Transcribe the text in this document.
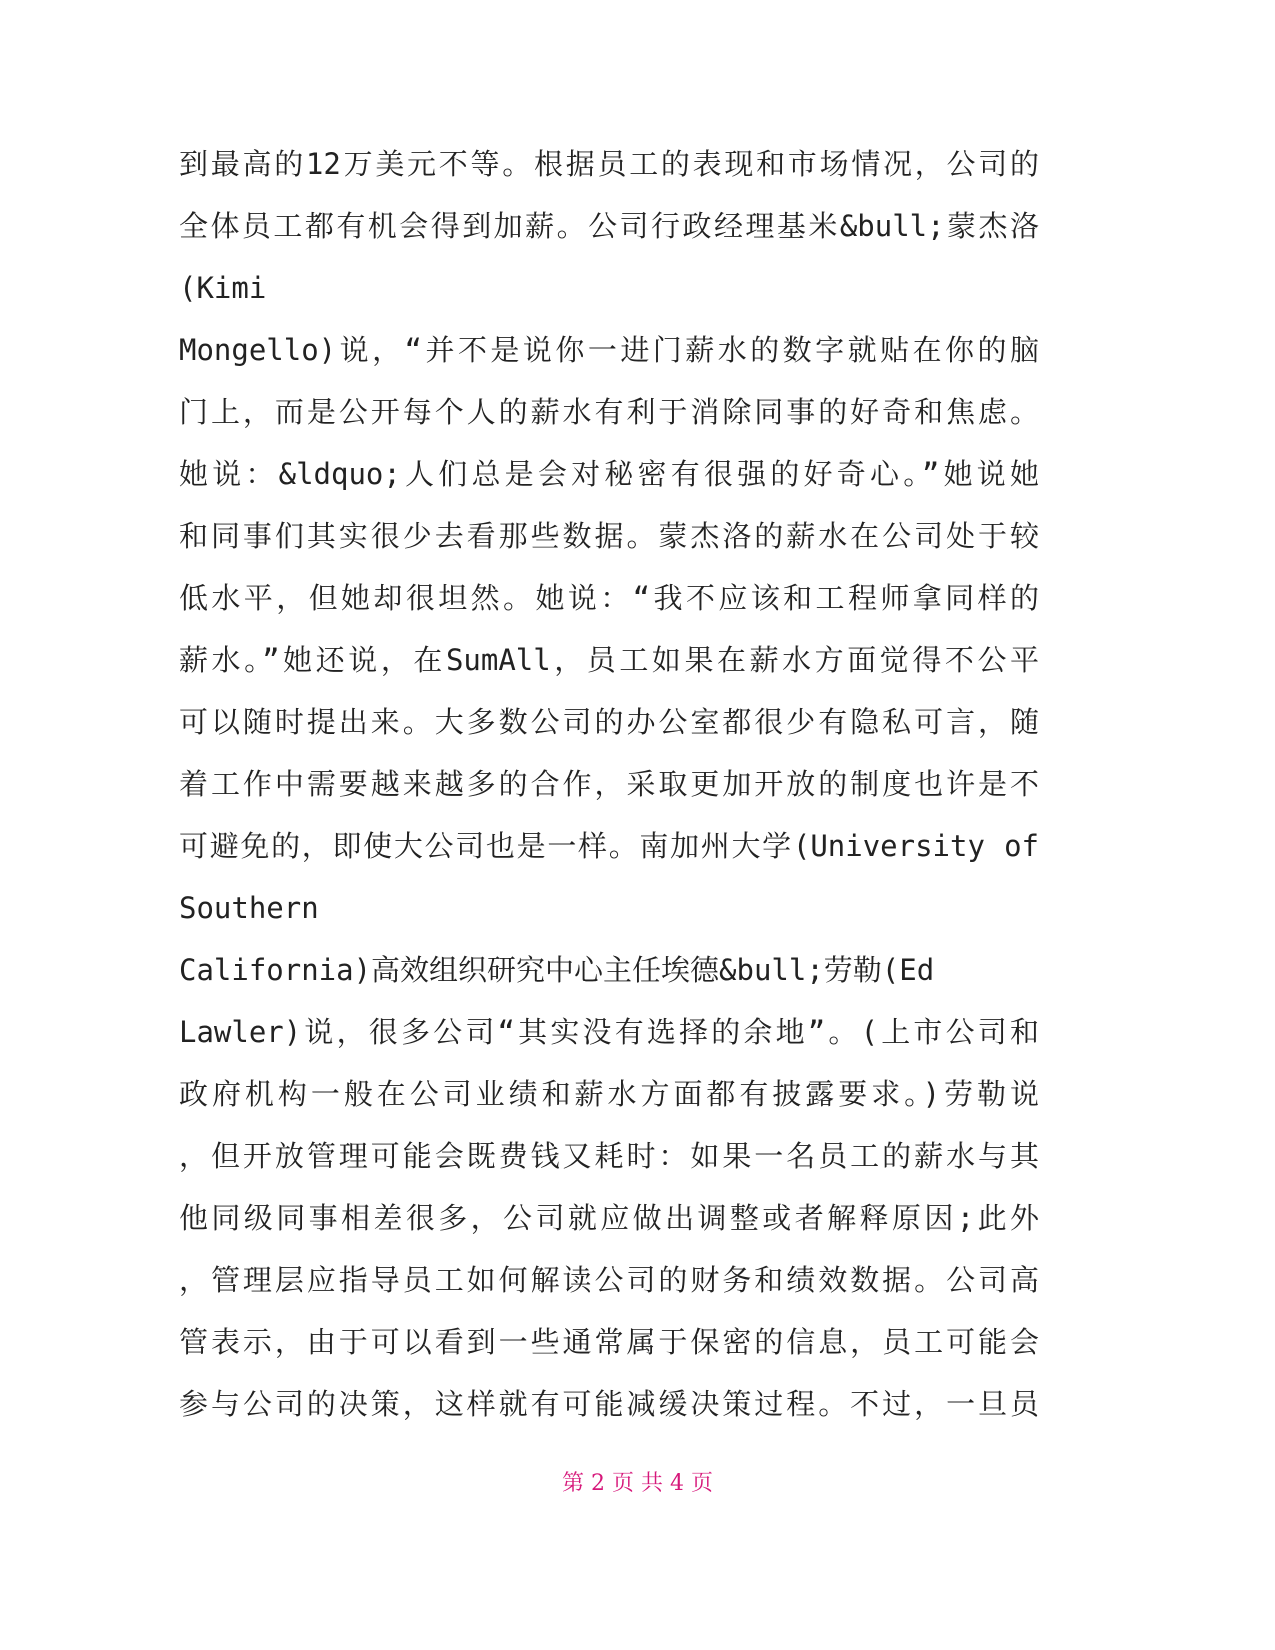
到最高的12万美元不等。根据员工的表现和市场情况，公司的
全体员工都有机会得到加薪。公司行政经理基米&bull;蒙杰洛
(Kimi
Mongello)说，“并不是说你一进门薪水的数字就贴在你的脑
门上，而是公开每个人的薪水有利于消除同事的好奇和焦虑。
她说：&ldquo;人们总是会对秘密有很强的好奇心。”她说她
和同事们其实很少去看那些数据。蒙杰洛的薪水在公司处于较
低水平，但她却很坦然。她说：“我不应该和工程师拿同样的
薪水。”她还说，在SumAll，员工如果在薪水方面觉得不公平
可以随时提出来。大多数公司的办公室都很少有隐私可言，随
着工作中需要越来越多的合作，采取更加开放的制度也许是不
可避免的，即使大公司也是一样。南加州大学(University of
Southern
California)高效组织研究中心主任埃德&bull;劳勒(Ed
Lawler)说，很多公司“其实没有选择的余地”。(上市公司和
政府机构一般在公司业绩和薪水方面都有披露要求。)劳勒说
，但开放管理可能会既费钱又耗时：如果一名员工的薪水与其
他同级同事相差很多，公司就应做出调整或者解释原因;此外
，管理层应指导员工如何解读公司的财务和绩效数据。公司高
管表示，由于可以看到一些通常属于保密的信息，员工可能会
参与公司的决策，这样就有可能减缓决策过程。不过，一旦员
第 2 页 共 4 页
